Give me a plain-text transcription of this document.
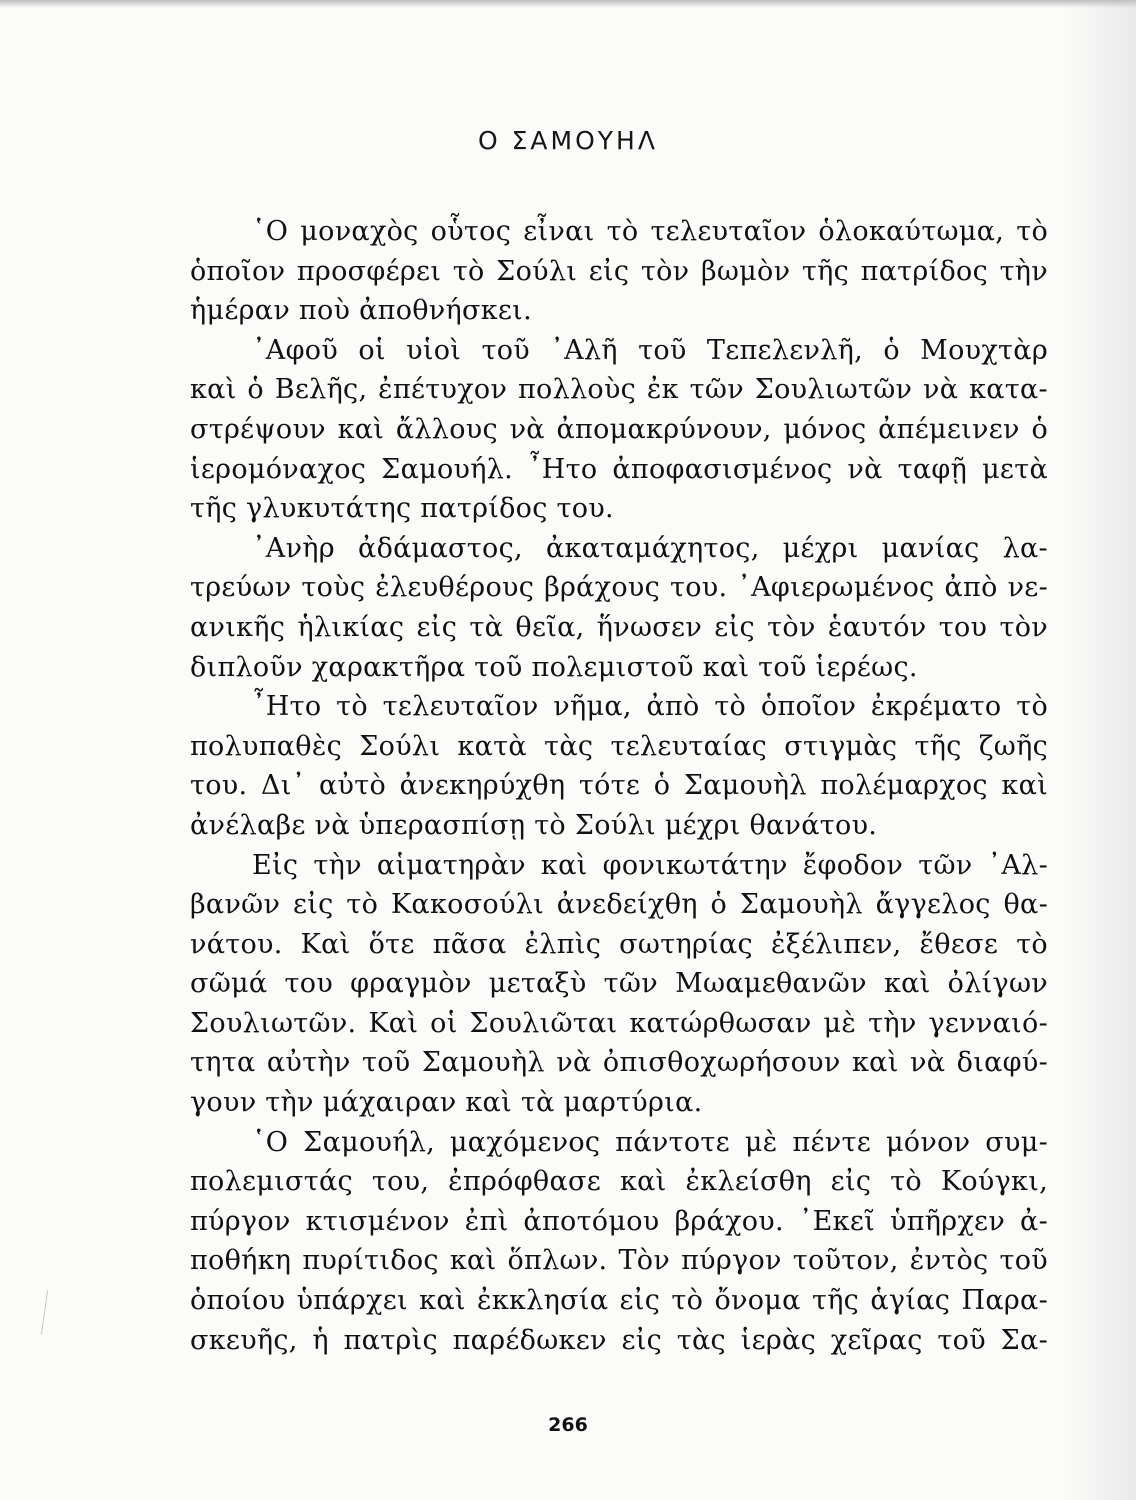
Ο ΣΑΜΟΥΗΛ
῾Ο μοναχὸς οὗτος εἶναι τὸ τελευταῖον ὁλοκαύτωμα, τὸ
ὁποῖον προσφέρει τὸ Σούλι εἰς τὸν βωμὸν τῆς πατρίδος τὴν
ἡμέραν ποὺ ἀποθνήσκει.
᾽Αφοῦ οἱ υἱοὶ τοῦ ᾽Αλῆ τοῦ Τεπελενλῆ, ὁ Μουχτὰρ
καὶ ὁ Βελῆς, ἐπέτυχον πολλοὺς ἐκ τῶν Σουλιωτῶν νὰ κατα-
στρέψουν καὶ ἄλλους νὰ ἀπομακρύνουν, μόνος ἀπέμεινεν ὁ
ἱερομόναχος Σαμουήλ. ῏Ητο ἀποφασισμένος νὰ ταφῇ μετὰ
τῆς γλυκυτάτης πατρίδος του.
᾽Ανὴρ ἀδάμαστος, ἀκαταμάχητος, μέχρι μανίας λα-
τρεύων τοὺς ἐλευθέρους βράχους του. ᾽Αφιερωμένος ἀπὸ νε-
ανικῆς ἡλικίας εἰς τὰ θεῖα, ἥνωσεν εἰς τὸν ἑαυτόν του τὸν
διπλοῦν χαρακτῆρα τοῦ πολεμιστοῦ καὶ τοῦ ἱερέως.
῏Ητο τὸ τελευταῖον νῆμα, ἀπὸ τὸ ὁποῖον ἐκρέματο τὸ
πολυπαθὲς Σούλι κατὰ τὰς τελευταίας στιγμὰς τῆς ζωῆς
του. Δι᾽ αὐτὸ ἀνεκηρύχθη τότε ὁ Σαμουὴλ πολέμαρχος καὶ
ἀνέλαβε νὰ ὑπερασπίσῃ τὸ Σούλι μέχρι θανάτου.
Εἰς τὴν αἱματηρὰν καὶ φονικωτάτην ἔφοδον τῶν ᾽Αλ-
βανῶν εἰς τὸ Κακοσούλι ἀνεδείχθη ὁ Σαμουὴλ ἄγγελος θα-
νάτου. Καὶ ὅτε πᾶσα ἐλπὶς σωτηρίας ἐξέλιπεν, ἔθεσε τὸ
σῶμά του φραγμὸν μεταξὺ τῶν Μωαμεθανῶν καὶ ὀλίγων
Σουλιωτῶν. Καὶ οἱ Σουλιῶται κατώρθωσαν μὲ τὴν γενναιό-
τητα αὐτὴν τοῦ Σαμουὴλ νὰ ὀπισθοχωρήσουν καὶ νὰ διαφύ-
γουν τὴν μάχαιραν καὶ τὰ μαρτύρια.
῾Ο Σαμουήλ, μαχόμενος πάντοτε μὲ πέντε μόνον συμ-
πολεμιστάς του, ἐπρόφθασε καὶ ἐκλείσθη εἰς τὸ Κούγκι,
πύργον κτισμένον ἐπὶ ἀποτόμου βράχου. ᾽Εκεῖ ὑπῆρχεν ἀ-
ποθήκη πυρίτιδος καὶ ὅπλων. Τὸν πύργον τοῦτον, ἐντὸς τοῦ
ὁποίου ὑπάρχει καὶ ἐκκλησία εἰς τὸ ὄνομα τῆς ἁγίας Παρα-
σκευῆς, ἡ πατρὶς παρέδωκεν εἰς τὰς ἱερὰς χεῖρας τοῦ Σα-
266
